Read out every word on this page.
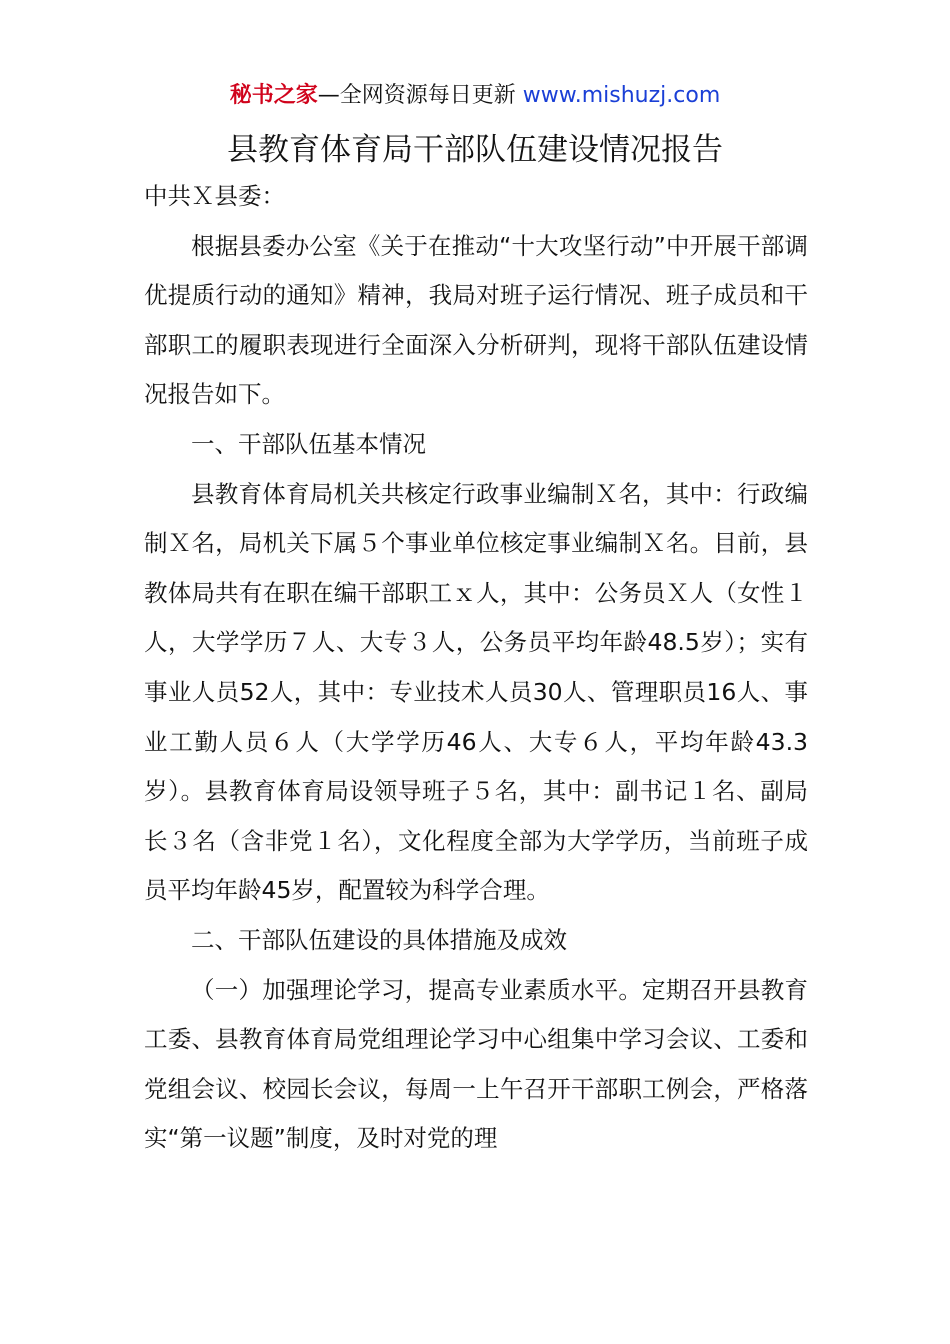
秘书之家—全网资源每日更新 www.mishuzj.com
县教育体育局干部队伍建设情况报告

中共Ｘ县委：

根据县委办公室《关于在推动“十大攻坚行动”中开展干部调优提质行动的通知》精神，我局对班子运行情况、班子成员和干部职工的履职表现进行全面深入分析研判，现将干部队伍建设情况报告如下。

一、干部队伍基本情况

县教育体育局机关共核定行政事业编制Ｘ名，其中：行政编制Ｘ名，局机关下属５个事业单位核定事业编制Ｘ名。目前，县教体局共有在职在编干部职工ｘ人，其中：公务员Ｘ人（女性１人，大学学历７人、大专３人，公务员平均年龄48.5岁）；实有事业人员52人，其中：专业技术人员30人、管理职员16人、事业工勤人员６人（大学学历46人、大专６人，平均年龄43.3岁）。县教育体育局设领导班子５名，其中：副书记１名、副局长３名（含非党１名），文化程度全部为大学学历，当前班子成员平均年龄45岁，配置较为科学合理。

二、干部队伍建设的具体措施及成效

（一）加强理论学习，提高专业素质水平。定期召开县教育工委、县教育体育局党组理论学习中心组集中学习会议、工委和党组会议、校园长会议，每周一上午召开干部职工例会，严格落实“第一议题”制度，及时对党的理
